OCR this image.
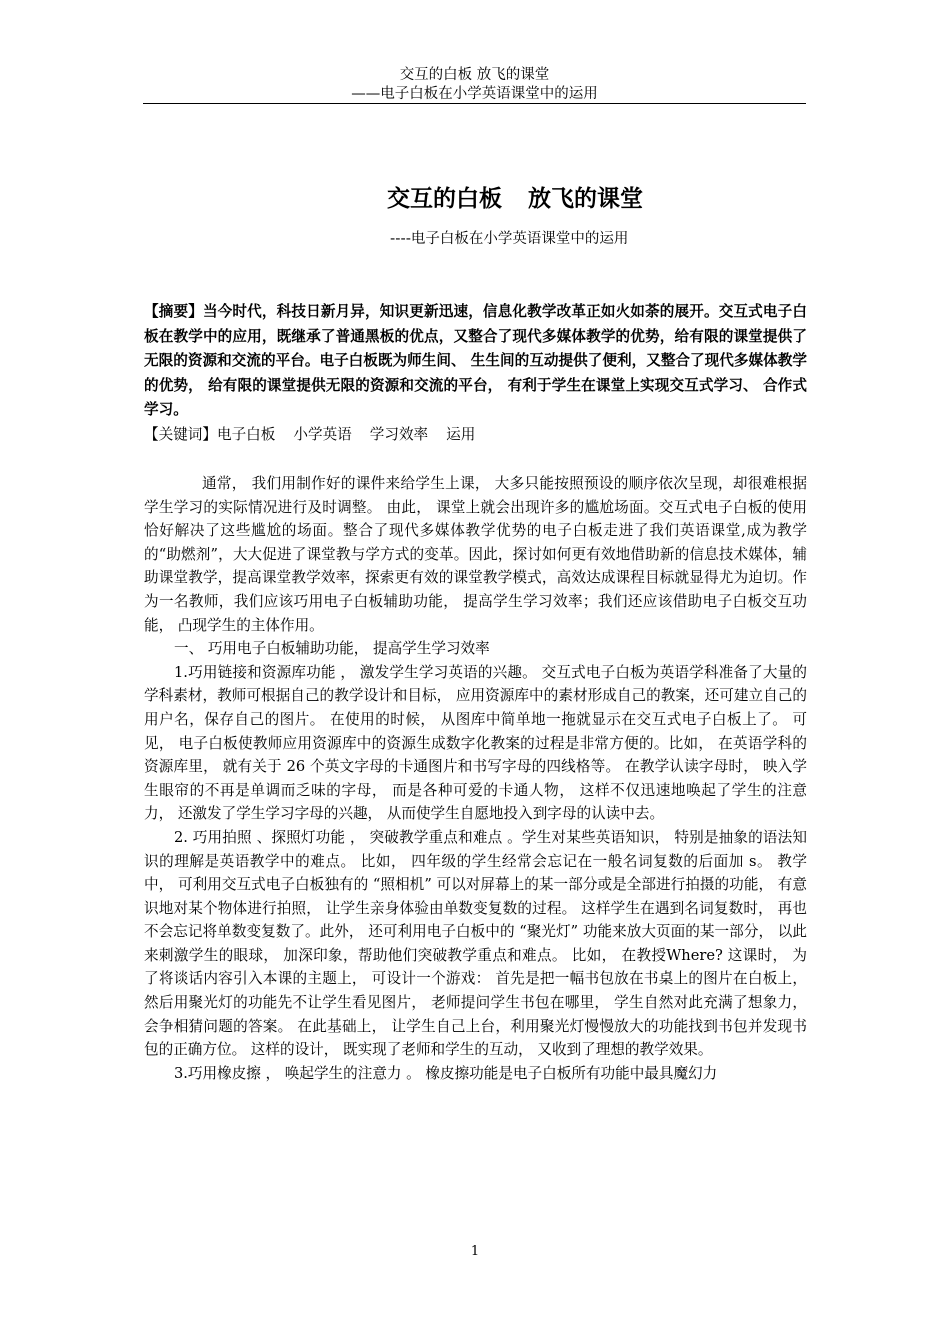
交互的白板 放飞的课堂
——电子白板在小学英语课堂中的运用
交互的白板 放飞的课堂
----电子白板在小学英语课堂中的运用
【摘要】当今时代，科技日新月异，知识更新迅速，信息化教学改革正如火如荼的展开。交互式电子白板在教学中的应用，既继承了普通黑板的优点，又整合了现代多媒体教学的优势，给有限的课堂提供了无限的资源和交流的平台。电子白板既为师生间、 生生间的互动提供了便利，又整合了现代多媒体教学的优势， 给有限的课堂提供无限的资源和交流的平台， 有利于学生在课堂上实现交互式学习、 合作式学习。
【关键词】电子白板 小学英语 学习效率 运用

通常， 我们用制作好的课件来给学生上课， 大多只能按照预设的顺序依次呈现，却很难根据学生学习的实际情况进行及时调整。 由此， 课堂上就会出现许多的尴尬场面。交互式电子白板的使用恰好解决了这些尴尬的场面。整合了现代多媒体教学优势的电子白板走进了我们英语课堂,成为教学的“助燃剂”，大大促进了课堂教与学方式的变革。因此，探讨如何更有效地借助新的信息技术媒体，辅助课堂教学，提高课堂教学效率，探索更有效的课堂教学模式，高效达成课程目标就显得尤为迫切。作为一名教师，我们应该巧用电子白板辅助功能， 提高学生学习效率；我们还应该借助电子白板交互功能， 凸现学生的主体作用。

一、 巧用电子白板辅助功能， 提高学生学习效率

1.巧用链接和资源库功能 ， 激发学生学习英语的兴趣。 交互式电子白板为英语学科准备了大量的学科素材，教师可根据自己的教学设计和目标， 应用资源库中的素材形成自己的教案，还可建立自己的用户名，保存自己的图片。 在使用的时候， 从图库中简单地一拖就显示在交互式电子白板上了。 可见， 电子白板使教师应用资源库中的资源生成数字化教案的过程是非常方便的。比如， 在英语学科的资源库里， 就有关于 26 个英文字母的卡通图片和书写字母的四线格等。 在教学认读字母时， 映入学生眼帘的不再是单调而乏味的字母， 而是各种可爱的卡通人物， 这样不仅迅速地唤起了学生的注意力， 还激发了学生学习字母的兴趣， 从而使学生自愿地投入到字母的认读中去。

2. 巧用拍照 、探照灯功能 ， 突破教学重点和难点 。学生对某些英语知识， 特别是抽象的语法知识的理解是英语教学中的难点。 比如， 四年级的学生经常会忘记在一般名词复数的后面加 s。 教学中， 可利用交互式电子白板独有的 “照相机” 可以对屏幕上的某一部分或是全部进行拍摄的功能， 有意识地对某个物体进行拍照， 让学生亲身体验由单数变复数的过程。 这样学生在遇到名词复数时， 再也不会忘记将单数变复数了。此外， 还可利用电子白板中的 “聚光灯” 功能来放大页面的某一部分， 以此来刺激学生的眼球， 加深印象，帮助他们突破教学重点和难点。 比如， 在教授Where? 这课时， 为了将谈话内容引入本课的主题上， 可设计一个游戏： 首先是把一幅书包放在书桌上的图片在白板上， 然后用聚光灯的功能先不让学生看见图片， 老师提问学生书包在哪里， 学生自然对此充满了想象力， 会争相猜问题的答案。 在此基础上， 让学生自己上台，利用聚光灯慢慢放大的功能找到书包并发现书包的正确方位。 这样的设计， 既实现了老师和学生的互动， 又收到了理想的教学效果。

3.巧用橡皮擦 ， 唤起学生的注意力 。 橡皮擦功能是电子白板所有功能中最具魔幻力

1
